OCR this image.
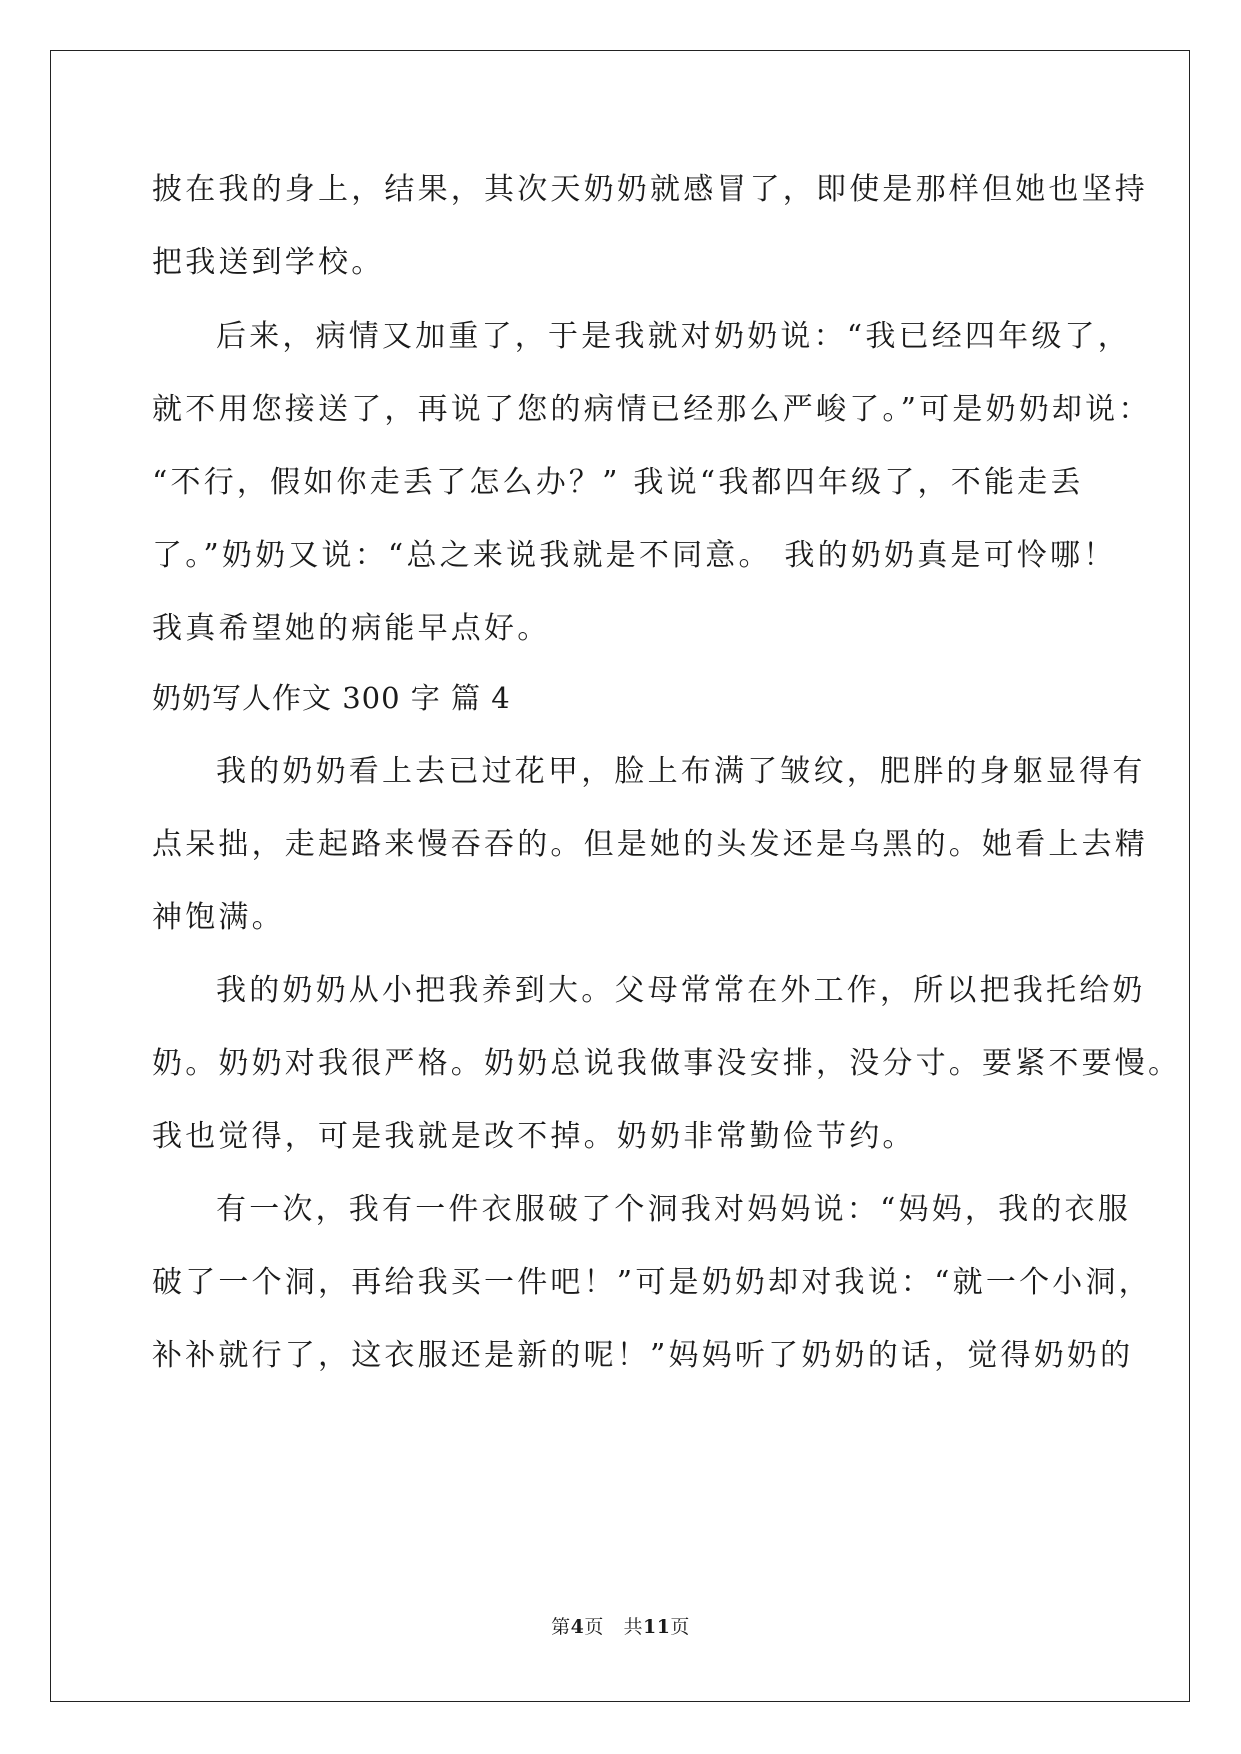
披在我的身上，结果，其次天奶奶就感冒了，即使是那样但她也坚持
把我送到学校。
后来，病情又加重了，于是我就对奶奶说：“我已经四年级了，
就不用您接送了，再说了您的病情已经那么严峻了。”可是奶奶却说：
“不行，假如你走丢了怎么办？” 我说“我都四年级了，不能走丢
了。”奶奶又说：“总之来说我就是不同意。 我的奶奶真是可怜哪！
我真希望她的病能早点好。
奶奶写人作文 300 字 篇 4
我的奶奶看上去已过花甲，脸上布满了皱纹，肥胖的身躯显得有
点呆拙，走起路来慢吞吞的。但是她的头发还是乌黑的。她看上去精
神饱满。
我的奶奶从小把我养到大。父母常常在外工作，所以把我托给奶
奶。奶奶对我很严格。奶奶总说我做事没安排，没分寸。要紧不要慢。
我也觉得，可是我就是改不掉。奶奶非常勤俭节约。
有一次，我有一件衣服破了个洞我对妈妈说：“妈妈，我的衣服
破了一个洞，再给我买一件吧！”可是奶奶却对我说：“就一个小洞，
补补就行了，这衣服还是新的呢！”妈妈听了奶奶的话，觉得奶奶的
第4页 共11页
